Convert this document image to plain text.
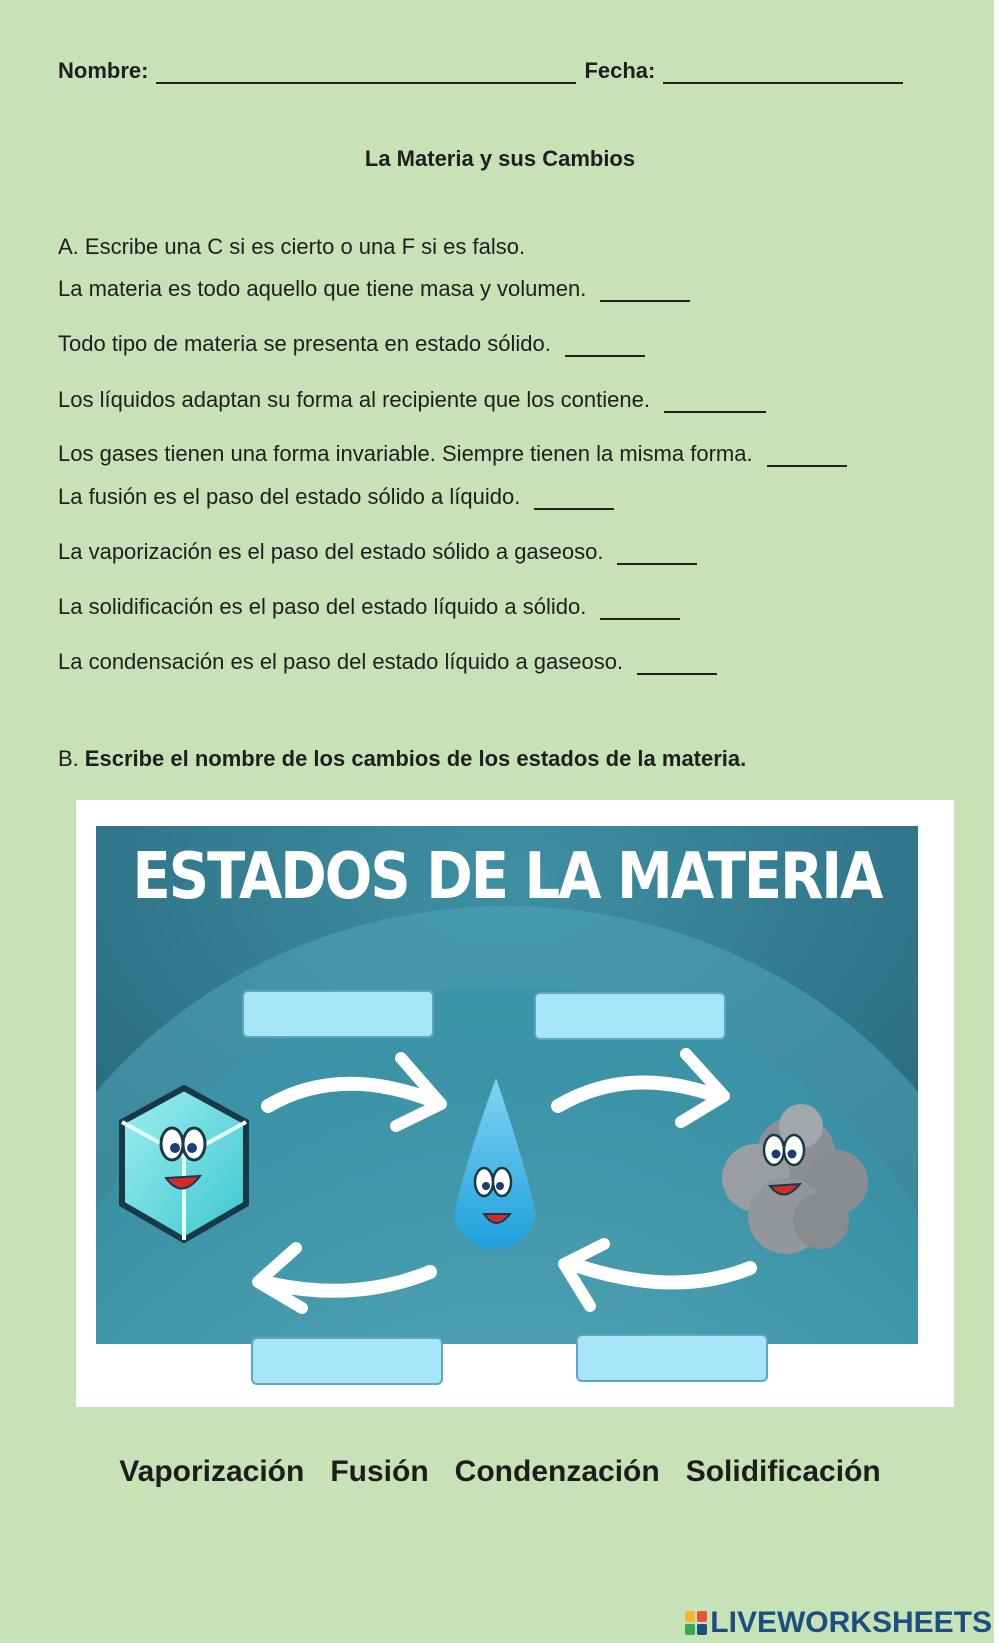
Nombre:	Fecha:
La Materia y sus Cambios
A. Escribe una C si es cierto o una F si es falso.
La materia es todo aquello que tiene masa y volumen.
Todo tipo de materia se presenta en estado sólido.
Los líquidos adaptan su forma al recipiente que los contiene.
Los gases tienen una forma invariable. Siempre tienen la misma forma.
La fusión es el paso del estado sólido a líquido.
La vaporización es el paso del estado sólido a gaseoso.
La solidificación es el paso del estado líquido a sólido.
La condensación es el paso del estado líquido a gaseoso.
B. Escribe el nombre de los cambios de los estados de la materia.
ESTADOS DE LA MATERIA
Vaporización Fusión Condenzación Solidificación
LIVEWORKSHEETS
